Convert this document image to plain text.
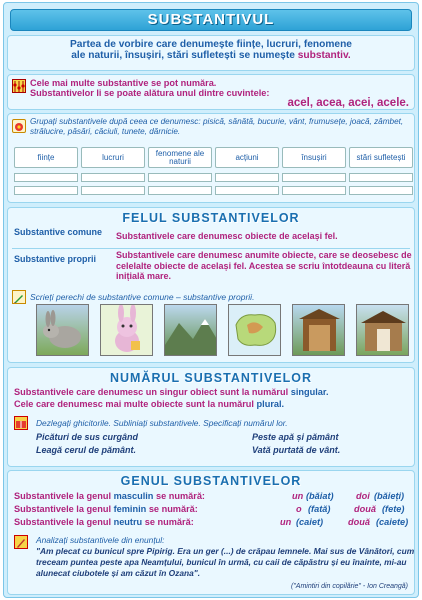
SUBSTANTIVUL
Partea de vorbire care denumește ființe, lucruri, fenomene
ale naturii, însușiri, stări sufletești se numește substantiv.
Cele mai multe substantive se pot număra.
Substantivelor li se poate alătura unul dintre cuvintele:
acel, acea, acei, acele.
Grupați substantivele după ceea ce denumesc: pisică, sănătă, bucurie, vânt, frumusețe, joacă, zâmbet, strălucire, păsări, căciuli, tunete, dărnicie.
ființe	lucruri	fenomene ale naturii	acțiuni	însușiri	stări sufletești
FELUL SUBSTANTIVELOR
Substantive comune Substantivele care denumesc obiecte de același fel.
Substantive proprii	Substantivele care denumesc anumite obiecte, care se deosebesc de celelalte obiecte de același fel. Acestea se scriu întotdeauna cu literă inițială mare.
Scrieți perechi de substantive comune – substantive proprii.
NUMĂRUL SUBSTANTIVELOR
Substantivele care denumesc un singur obiect sunt la numărul singular.
Cele care denumesc mai multe obiecte sunt la numărul plural.
Dezlegați ghicitorile. Subliniați substantivele. Specificați numărul lor.
Picături de sus curgând
Leagă cerul de pământ.
Peste apă și pământ
Vată purtată de vânt.
GENUL SUBSTANTIVELOR
Substantivele la genul masculin se numără:	un (băiat) doi (băieți)
Substantivele la genul feminin se numără:	o (fată)	două (fete)
Substantivele la genul neutru se numără:	un (caiet)	două (caiete)
Analizați substantivele din enunțul:
"Am plecat cu bunicul spre Pipirig. Era un ger (...) de crăpau lemnele. Mai sus de Vânători, cum treceam puntea peste apa Neamțului, bunicul în urmă, cu caii de căpăstru și eu înainte, mi-au alunecat ciubotele și am căzut în Ozana".
("Amintiri din copilărie" - Ion Creangă)
